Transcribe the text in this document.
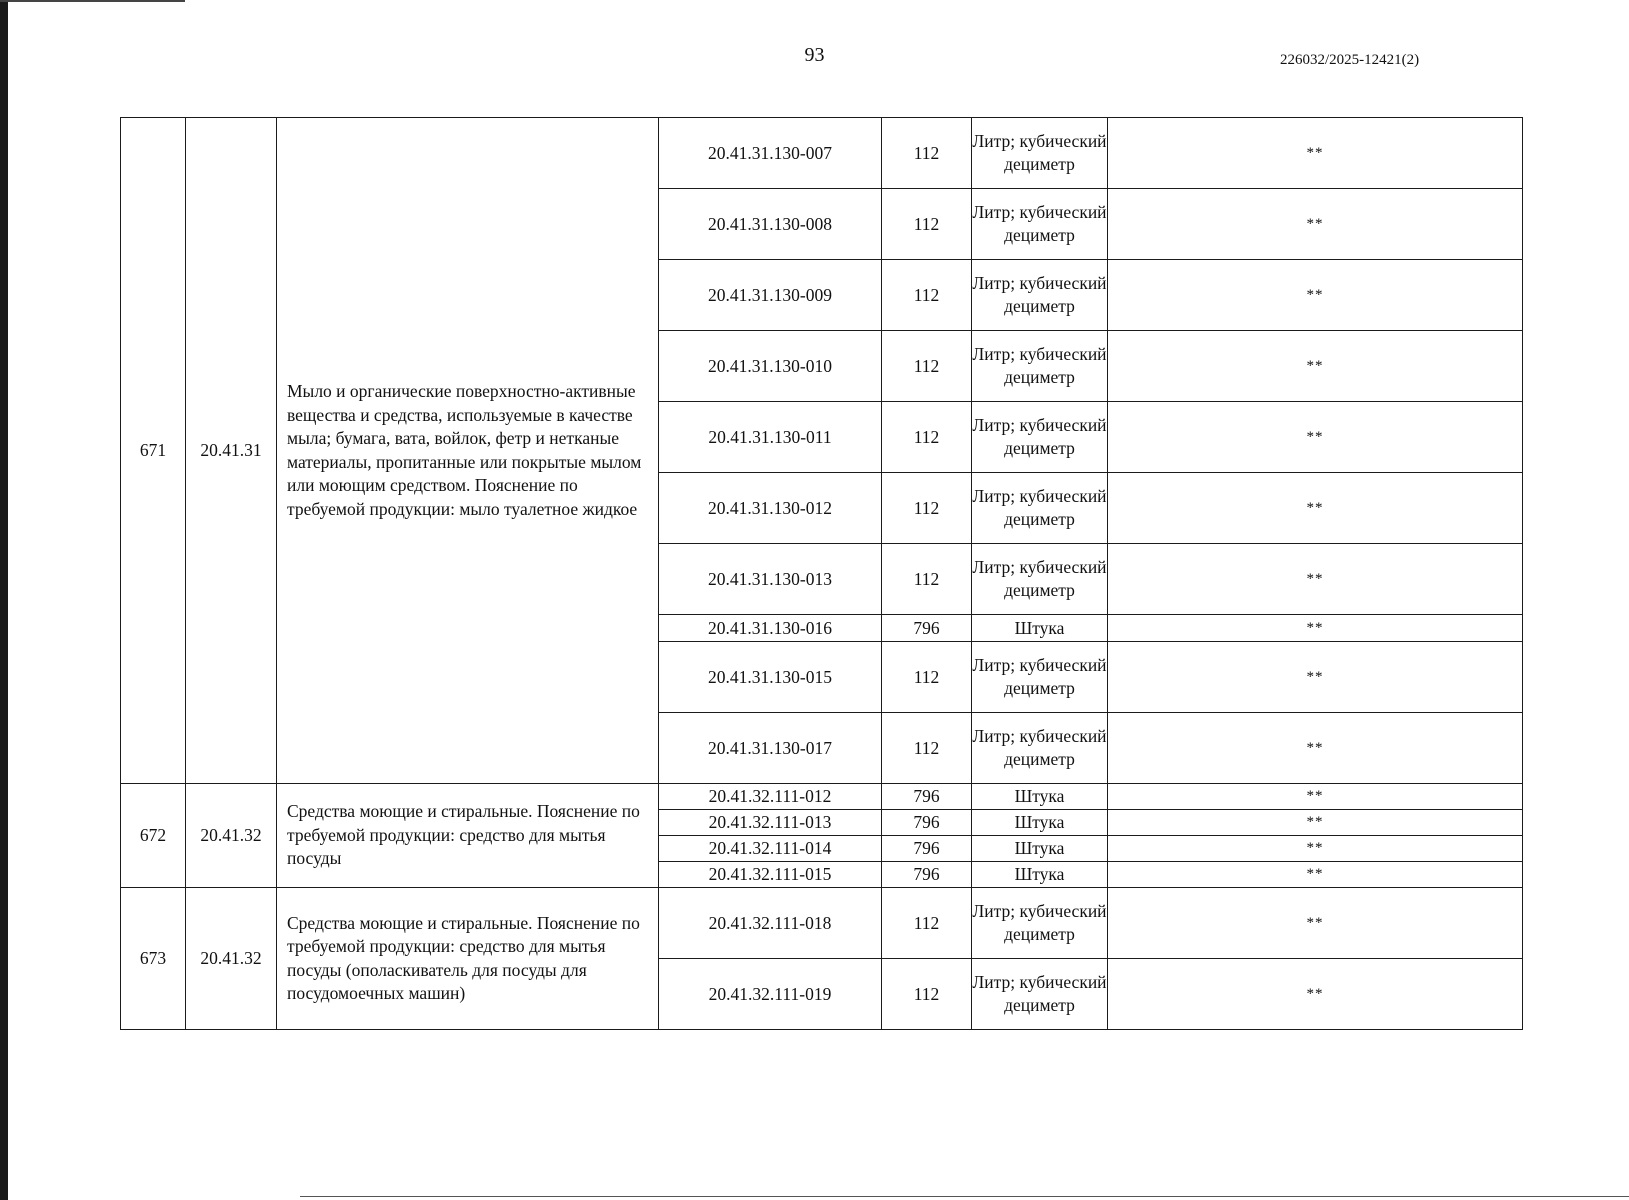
93	226032/2025-12421(2)
671	20.41.31	Мыло и органические поверхностно-активные вещества и средства, используемые в качестве мыла; бумага, вата, войлок, фетр и нетканые материалы, пропитанные или покрытые мылом или моющим средством. Пояснение по требуемой продукции: мыло туалетное жидкое	20.41.31.130-007	112	Литр; кубический дециметр	**
			20.41.31.130-008	112	Литр; кубический дециметр	**
			20.41.31.130-009	112	Литр; кубический дециметр	**
			20.41.31.130-010	112	Литр; кубический дециметр	**
			20.41.31.130-011	112	Литр; кубический дециметр	**
			20.41.31.130-012	112	Литр; кубический дециметр	**
			20.41.31.130-013	112	Литр; кубический дециметр	**
			20.41.31.130-016	796	Штука	**
			20.41.31.130-015	112	Литр; кубический дециметр	**
			20.41.31.130-017	112	Литр; кубический дециметр	**
672	20.41.32	Средства моющие и стиральные. Пояснение по требуемой продукции: средство для мытья посуды	20.41.32.111-012	796	Штука	**
			20.41.32.111-013	796	Штука	**
			20.41.32.111-014	796	Штука	**
			20.41.32.111-015	796	Штука	**
673	20.41.32	Средства моющие и стиральные. Пояснение по требуемой продукции: средство для мытья посуды (ополаскиватель для посуды для посудомоечных машин)	20.41.32.111-018	112	Литр; кубический дециметр	**
			20.41.32.111-019	112	Литр; кубический дециметр	**
